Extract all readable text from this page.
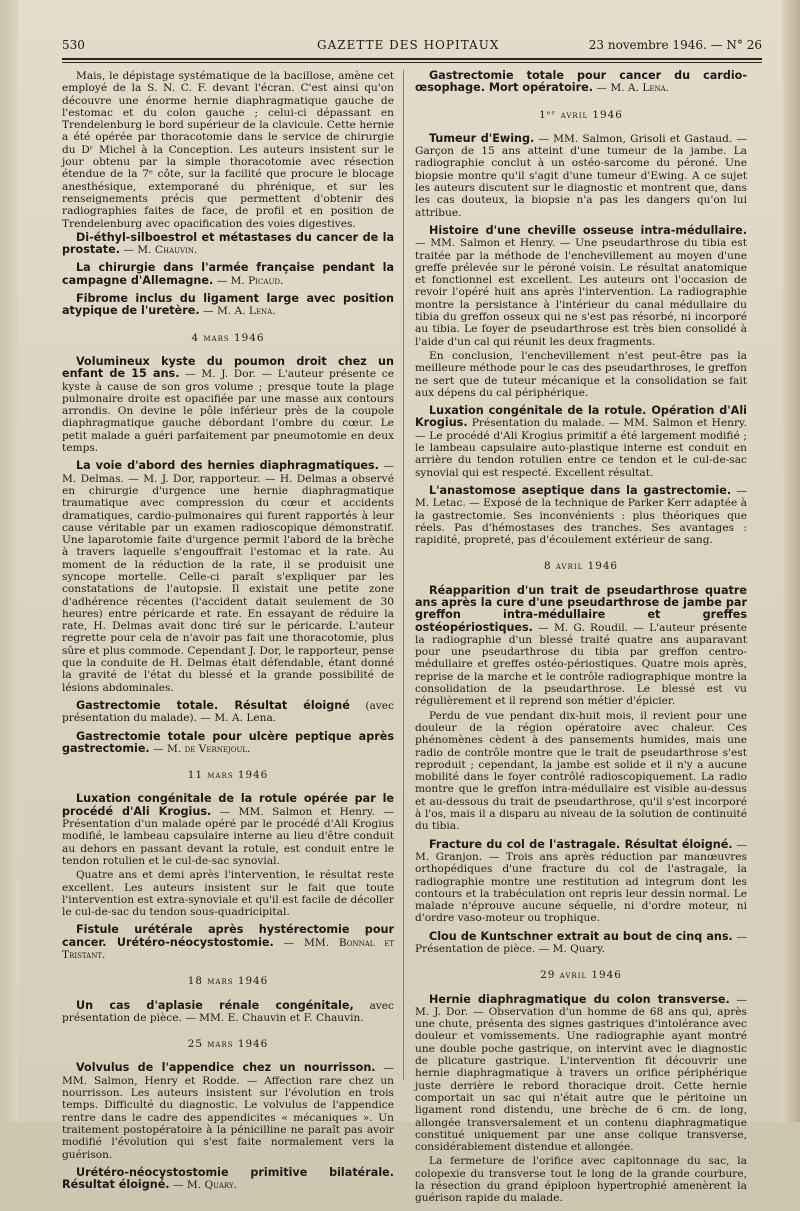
530	GAZETTE DES HOPITAUX	23 novembre 1946. — N° 26

Mais, le dépistage systématique de la bacillose, amène cet employé de la S. N. C. F. devant l'écran. C'est ainsi qu'on découvre une énorme hernie diaphragmatique gauche de l'estomac et du colon gauche ; celui-ci dépassant en Trendelenburg le bord supérieur de la clavicule. Cette hernie a été opérée par thoracotomie dans le service de chirurgie du Dʳ Michel à la Conception. Les auteurs insistent sur le jour obtenu par la simple thoracotomie avec résection étendue de la 7ᵉ côte, sur la facilité que procure le blocage anesthésique, extemporané du phrénique, et sur les renseignements précis que permettent d'obtenir des radiographies faites de face, de profil et en position de Trendelenburg avec opacification des voies digestives.

Di-éthyl-silboestrol et métastases du cancer de la prostate. — M. Chauvin.

La chirurgie dans l'armée française pendant la campagne d'Allemagne. — M. Picaud.

Fibrome inclus du ligament large avec position atypique de l'uretère. — M. A. Lena.

4 mars 1946

Volumineux kyste du poumon droit chez un enfant de 15 ans. — M. J. Dor. — L'auteur présente ce kyste à cause de son gros volume ; presque toute la plage pulmonaire droite est opacifiée par une masse aux contours arrondis. On devine le pôle inférieur près de la coupole diaphragmatique gauche débordant l'ombre du cœur. Le petit malade a guéri parfaitement par pneumotomie en deux temps.

La voie d'abord des hernies diaphragmatiques. — M. Delmas. — M. J. Dor, rapporteur. — H. Delmas a observé en chirurgie d'urgence une hernie diaphragmatique traumatique avec compression du cœur et accidents dramatiques, cardio-pulmonaires qui furent rapportés à leur cause véritable par un examen radioscopique démonstratif. Une laparotomie faite d'urgence permit l'abord de la brèche à travers laquelle s'engouffrait l'estomac et la rate. Au moment de la réduction de la rate, il se produisit une syncope mortelle. Celle-ci paraît s'expliquer par les constatations de l'autopsie. Il existait une petite zone d'adhérence récentes (l'accident datait seulement de 30 heures) entre péricarde et rate. En essayant de réduire la rate, H. Delmas avait donc tiré sur le péricarde. L'auteur regrette pour cela de n'avoir pas fait une thoracotomie, plus sûre et plus commode. Cependant J. Dor, le rapporteur, pense que la conduite de H. Delmas était défendable, étant donné la gravité de l'état du blessé et la grande possibilité de lésions abdominales.

Gastrectomie totale. Résultat éloigné (avec présentation du malade). — M. A. Lena.

Gastrectomie totale pour ulcère peptique après gastrectomie. — M. de Vernejoul.

11 mars 1946

Luxation congénitale de la rotule opérée par le procédé d'Ali Krogius. — MM. Salmon et Henry. — Présentation d'un malade opéré par le procédé d'Ali Krogius modifié, le lambeau capsulaire interne au lieu d'être conduit au dehors en passant devant la rotule, est conduit entre le tendon rotulien et le cul-de-sac synovial.

Quatre ans et demi après l'intervention, le résultat reste excellent. Les auteurs insistent sur le fait que toute l'intervention est extra-synoviale et qu'il est facile de décoller le cul-de-sac du tendon sous-quadricipital.

Fistule urétérale après hystérectomie pour cancer. Urétéro-néocystostomie. — MM. Bonnal et Tristant.

18 mars 1946

Un cas d'aplasie rénale congénitale, avec présentation de pièce. — MM. E. Chauvin et F. Chauvin.

25 mars 1946

Volvulus de l'appendice chez un nourrisson. — MM. Salmon, Henry et Rodde. — Affection rare chez un nourrisson. Les auteurs insistent sur l'évolution en trois temps. Difficulté du diagnostic. Le volvulus de l'appendice rentre dans le cadre des appendicites « mécaniques ». Un traitement postopératoire à la pénicilline ne paraît pas avoir modifié l'évolution qui s'est faite normalement vers la guérison.

Urétéro-néocystostomie primitive bilatérale. Résultat éloigné. — M. Quary.

Gastrectomie totale pour cancer du cardio-œsophage. Mort opératoire. — M. A. Lena.

1ᵉʳ avril 1946

Tumeur d'Ewing. — MM. Salmon, Grisoli et Gastaud. — Garçon de 15 ans atteint d'une tumeur de la jambe. La radiographie conclut à un ostéo-sarcome du péroné. Une biopsie montre qu'il s'agit d'une tumeur d'Ewing. A ce sujet les auteurs discutent sur le diagnostic et montrent que, dans les cas douteux, la biopsie n'a pas les dangers qu'on lui attribue.

Histoire d'une cheville osseuse intra-médullaire. — MM. Salmon et Henry. — Une pseudarthrose du tibia est traitée par la méthode de l'enchevillement au moyen d'une greffe prélevée sur le péroné voisin. Le résultat anatomique et fonctionnel est excellent. Les auteurs ont l'occasion de revoir l'opéré huit ans après l'intervention. La radiographie montre la persistance à l'intérieur du canal médullaire du tibia du greffon osseux qui ne s'est pas résorbé, ni incorporé au tibia. Le foyer de pseudarthrose est très bien consolidé à l'aide d'un cal qui réunit les deux fragments.

En conclusion, l'enchevillement n'est peut-être pas la meilleure méthode pour le cas des pseudarthroses, le greffon ne sert que de tuteur mécanique et la consolidation se fait aux dépens du cal périphérique.

Luxation congénitale de la rotule. Opération d'Ali Krogius. Présentation du malade. — MM. Salmon et Henry. — Le procédé d'Ali Krogius primitif a été largement modifié ; le lambeau capsulaire auto-plastique interne est conduit en arrière du tendon rotulien entre ce tendon et le cul-de-sac synovial qui est respecté. Excellent résultat.

L'anastomose aseptique dans la gastrectomie. — M. Letac. — Exposé de la technique de Parker Kerr adaptée à la gastrectomie. Ses inconvénients : plus théoriques que réels. Pas d'hémostases des tranches. Ses avantages : rapidité, propreté, pas d'écoulement extérieur de sang.

8 avril 1946

Réapparition d'un trait de pseudarthrose quatre ans après la cure d'une pseudarthrose de jambe par greffon intra-médullaire et greffes ostéopériostiques. — M. G. Roudil. — L'auteur présente la radiographie d'un blessé traité quatre ans auparavant pour une pseudarthrose du tibia par greffon centro-médullaire et greffes ostéo-périostiques. Quatre mois après, reprise de la marche et le contrôle radiographique montre la consolidation de la pseudarthrose. Le blessé est vu régulièrement et il reprend son métier d'épicier.

Perdu de vue pendant dix-huit mois, il revient pour une douleur de la région opératoire avec chaleur. Ces phénomènes cèdent à des pansements humides, mais une radio de contrôle montre que le trait de pseudarthrose s'est reproduit ; cependant, la jambe est solide et il n'y a aucune mobilité dans le foyer contrôlé radioscopiquement. La radio montre que le greffon intra-médullaire est visible au-dessus et au-dessous du trait de pseudarthrose, qu'il s'est incorporé à l'os, mais il a disparu au niveau de la solution de continuité du tibia.

Fracture du col de l'astragale. Résultat éloigné. — M. Granjon. — Trois ans après réduction par manœuvres orthopédiques d'une fracture du col de l'astragale, la radiographie montre une restitution ad integrum dont les contours et la trabéculation ont repris leur dessin normal. Le malade n'éprouve aucune séquelle, ni d'ordre moteur, ni d'ordre vaso-moteur ou trophique.

Clou de Kuntschner extrait au bout de cinq ans. — Présentation de pièce. — M. Quary.

29 avril 1946

Hernie diaphragmatique du colon transverse. — M. J. Dor. — Observation d'un homme de 68 ans qui, après une chute, présenta des signes gastriques d'intolérance avec douleur et vomissements. Une radiographie ayant montré une double poche gastrique, on intervint avec le diagnostic de plicature gastrique. L'intervention fit découvrir une hernie diaphragmatique à travers un orifice périphérique juste derrière le rebord thoracique droit. Cette hernie comportait un sac qui n'était autre que le péritoine un ligament rond distendu, une brèche de 6 cm. de long, allongée transversalement et un contenu diaphragmatique constitué uniquement par une anse colique transverse, considérablement distendue et allongée.

La fermeture de l'orifice avec capitonnage du sac, la colopexie du transverse tout le long de la grande courbure, la résection du grand épiploon hypertrophié amenèrent la guérison rapide du malade.
